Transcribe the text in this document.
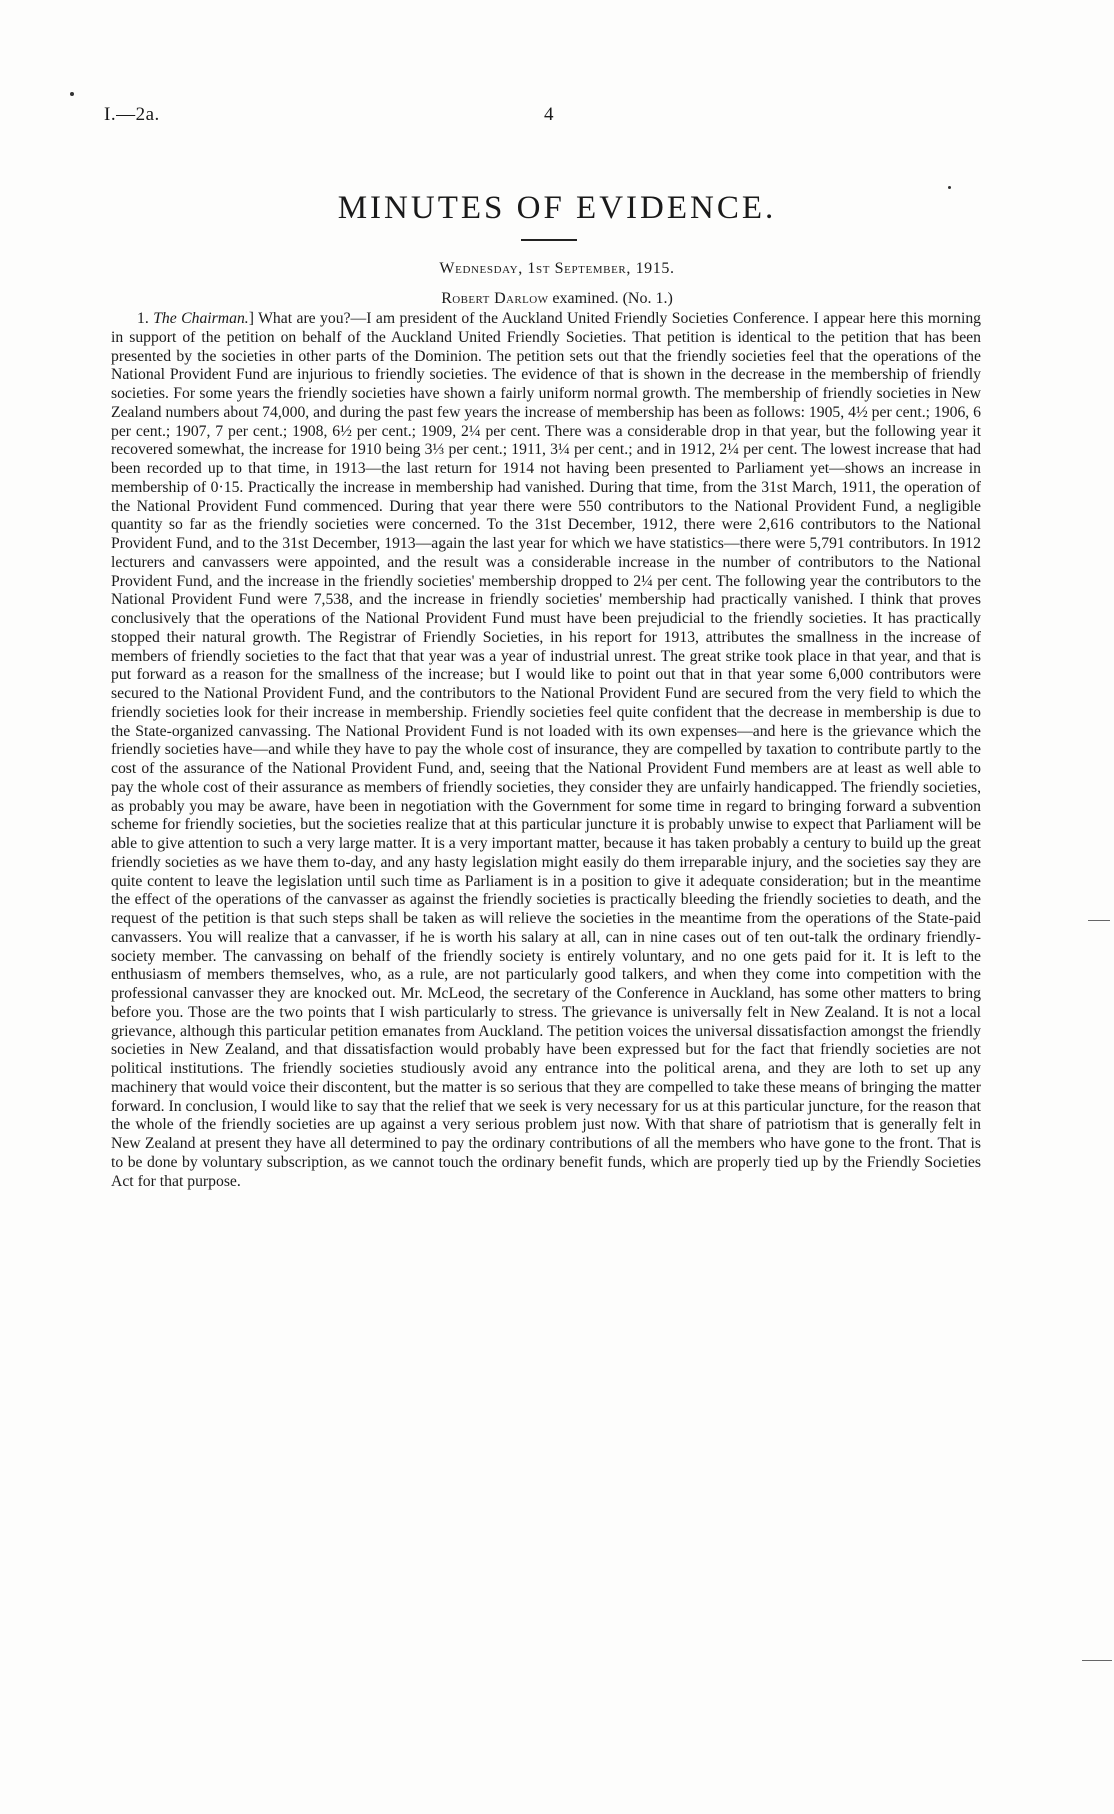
I.—2a.	4
MINUTES OF EVIDENCE.
Wednesday, 1st September, 1915.
Robert Darlow examined. (No. 1.)

1. The Chairman.] What are you?—I am president of the Auckland United Friendly Societies Conference. I appear here this morning in support of the petition on behalf of the Auckland United Friendly Societies. That petition is identical to the petition that has been presented by the societies in other parts of the Dominion. The petition sets out that the friendly societies feel that the operations of the National Provident Fund are injurious to friendly societies. The evidence of that is shown in the decrease in the membership of friendly societies. For some years the friendly societies have shown a fairly uniform normal growth. The membership of friendly societies in New Zealand numbers about 74,000, and during the past few years the increase of membership has been as follows: 1905, 4½ per cent.; 1906, 6 per cent.; 1907, 7 per cent.; 1908, 6½ per cent.; 1909, 2¼ per cent. There was a considerable drop in that year, but the following year it recovered somewhat, the increase for 1910 being 3⅓ per cent.; 1911, 3¼ per cent.; and in 1912, 2¼ per cent. The lowest increase that had been recorded up to that time, in 1913—the last return for 1914 not having been presented to Parliament yet—shows an increase in membership of 0·15. Practically the increase in membership had vanished. During that time, from the 31st March, 1911, the operation of the National Provident Fund commenced. During that year there were 550 contributors to the National Provident Fund, a negligible quantity so far as the friendly societies were concerned. To the 31st December, 1912, there were 2,616 contributors to the National Provident Fund, and to the 31st December, 1913—again the last year for which we have statistics—there were 5,791 contributors. In 1912 lecturers and canvassers were appointed, and the result was a considerable increase in the number of contributors to the National Provident Fund, and the increase in the friendly societies' membership dropped to 2¼ per cent. The following year the contributors to the National Provident Fund were 7,538, and the increase in friendly societies' membership had practically vanished. I think that proves conclusively that the operations of the National Provident Fund must have been prejudicial to the friendly societies. It has practically stopped their natural growth. The Registrar of Friendly Societies, in his report for 1913, attributes the smallness in the increase of members of friendly societies to the fact that that year was a year of industrial unrest. The great strike took place in that year, and that is put forward as a reason for the smallness of the increase; but I would like to point out that in that year some 6,000 contributors were secured to the National Provident Fund, and the contributors to the National Provident Fund are secured from the very field to which the friendly societies look for their increase in membership. Friendly societies feel quite confident that the decrease in membership is due to the State-organized canvassing. The National Provident Fund is not loaded with its own expenses—and here is the grievance which the friendly societies have—and while they have to pay the whole cost of insurance, they are compelled by taxation to contribute partly to the cost of the assurance of the National Provident Fund, and, seeing that the National Provident Fund members are at least as well able to pay the whole cost of their assurance as members of friendly societies, they consider they are unfairly handicapped. The friendly societies, as probably you may be aware, have been in negotiation with the Government for some time in regard to bringing forward a subvention scheme for friendly societies, but the societies realize that at this particular juncture it is probably unwise to expect that Parliament will be able to give attention to such a very large matter. It is a very important matter, because it has taken probably a century to build up the great friendly societies as we have them to-day, and any hasty legislation might easily do them irreparable injury, and the societies say they are quite content to leave the legislation until such time as Parliament is in a position to give it adequate consideration; but in the meantime the effect of the operations of the canvasser as against the friendly societies is practically bleeding the friendly societies to death, and the request of the petition is that such steps shall be taken as will relieve the societies in the meantime from the operations of the State-paid canvassers. You will realize that a canvasser, if he is worth his salary at all, can in nine cases out of ten out-talk the ordinary friendly-society member. The canvassing on behalf of the friendly society is entirely voluntary, and no one gets paid for it. It is left to the enthusiasm of members themselves, who, as a rule, are not particularly good talkers, and when they come into competition with the professional canvasser they are knocked out. Mr. McLeod, the secretary of the Conference in Auckland, has some other matters to bring before you. Those are the two points that I wish particularly to stress. The grievance is universally felt in New Zealand. It is not a local grievance, although this particular petition emanates from Auckland. The petition voices the universal dissatisfaction amongst the friendly societies in New Zealand, and that dissatisfaction would probably have been expressed but for the fact that friendly societies are not political institutions. The friendly societies studiously avoid any entrance into the political arena, and they are loth to set up any machinery that would voice their discontent, but the matter is so serious that they are compelled to take these means of bringing the matter forward. In conclusion, I would like to say that the relief that we seek is very necessary for us at this particular juncture, for the reason that the whole of the friendly societies are up against a very serious problem just now. With that share of patriotism that is generally felt in New Zealand at present they have all determined to pay the ordinary contributions of all the members who have gone to the front. That is to be done by voluntary subscription, as we cannot touch the ordinary benefit funds, which are properly tied up by the Friendly Societies Act for that purpose.
